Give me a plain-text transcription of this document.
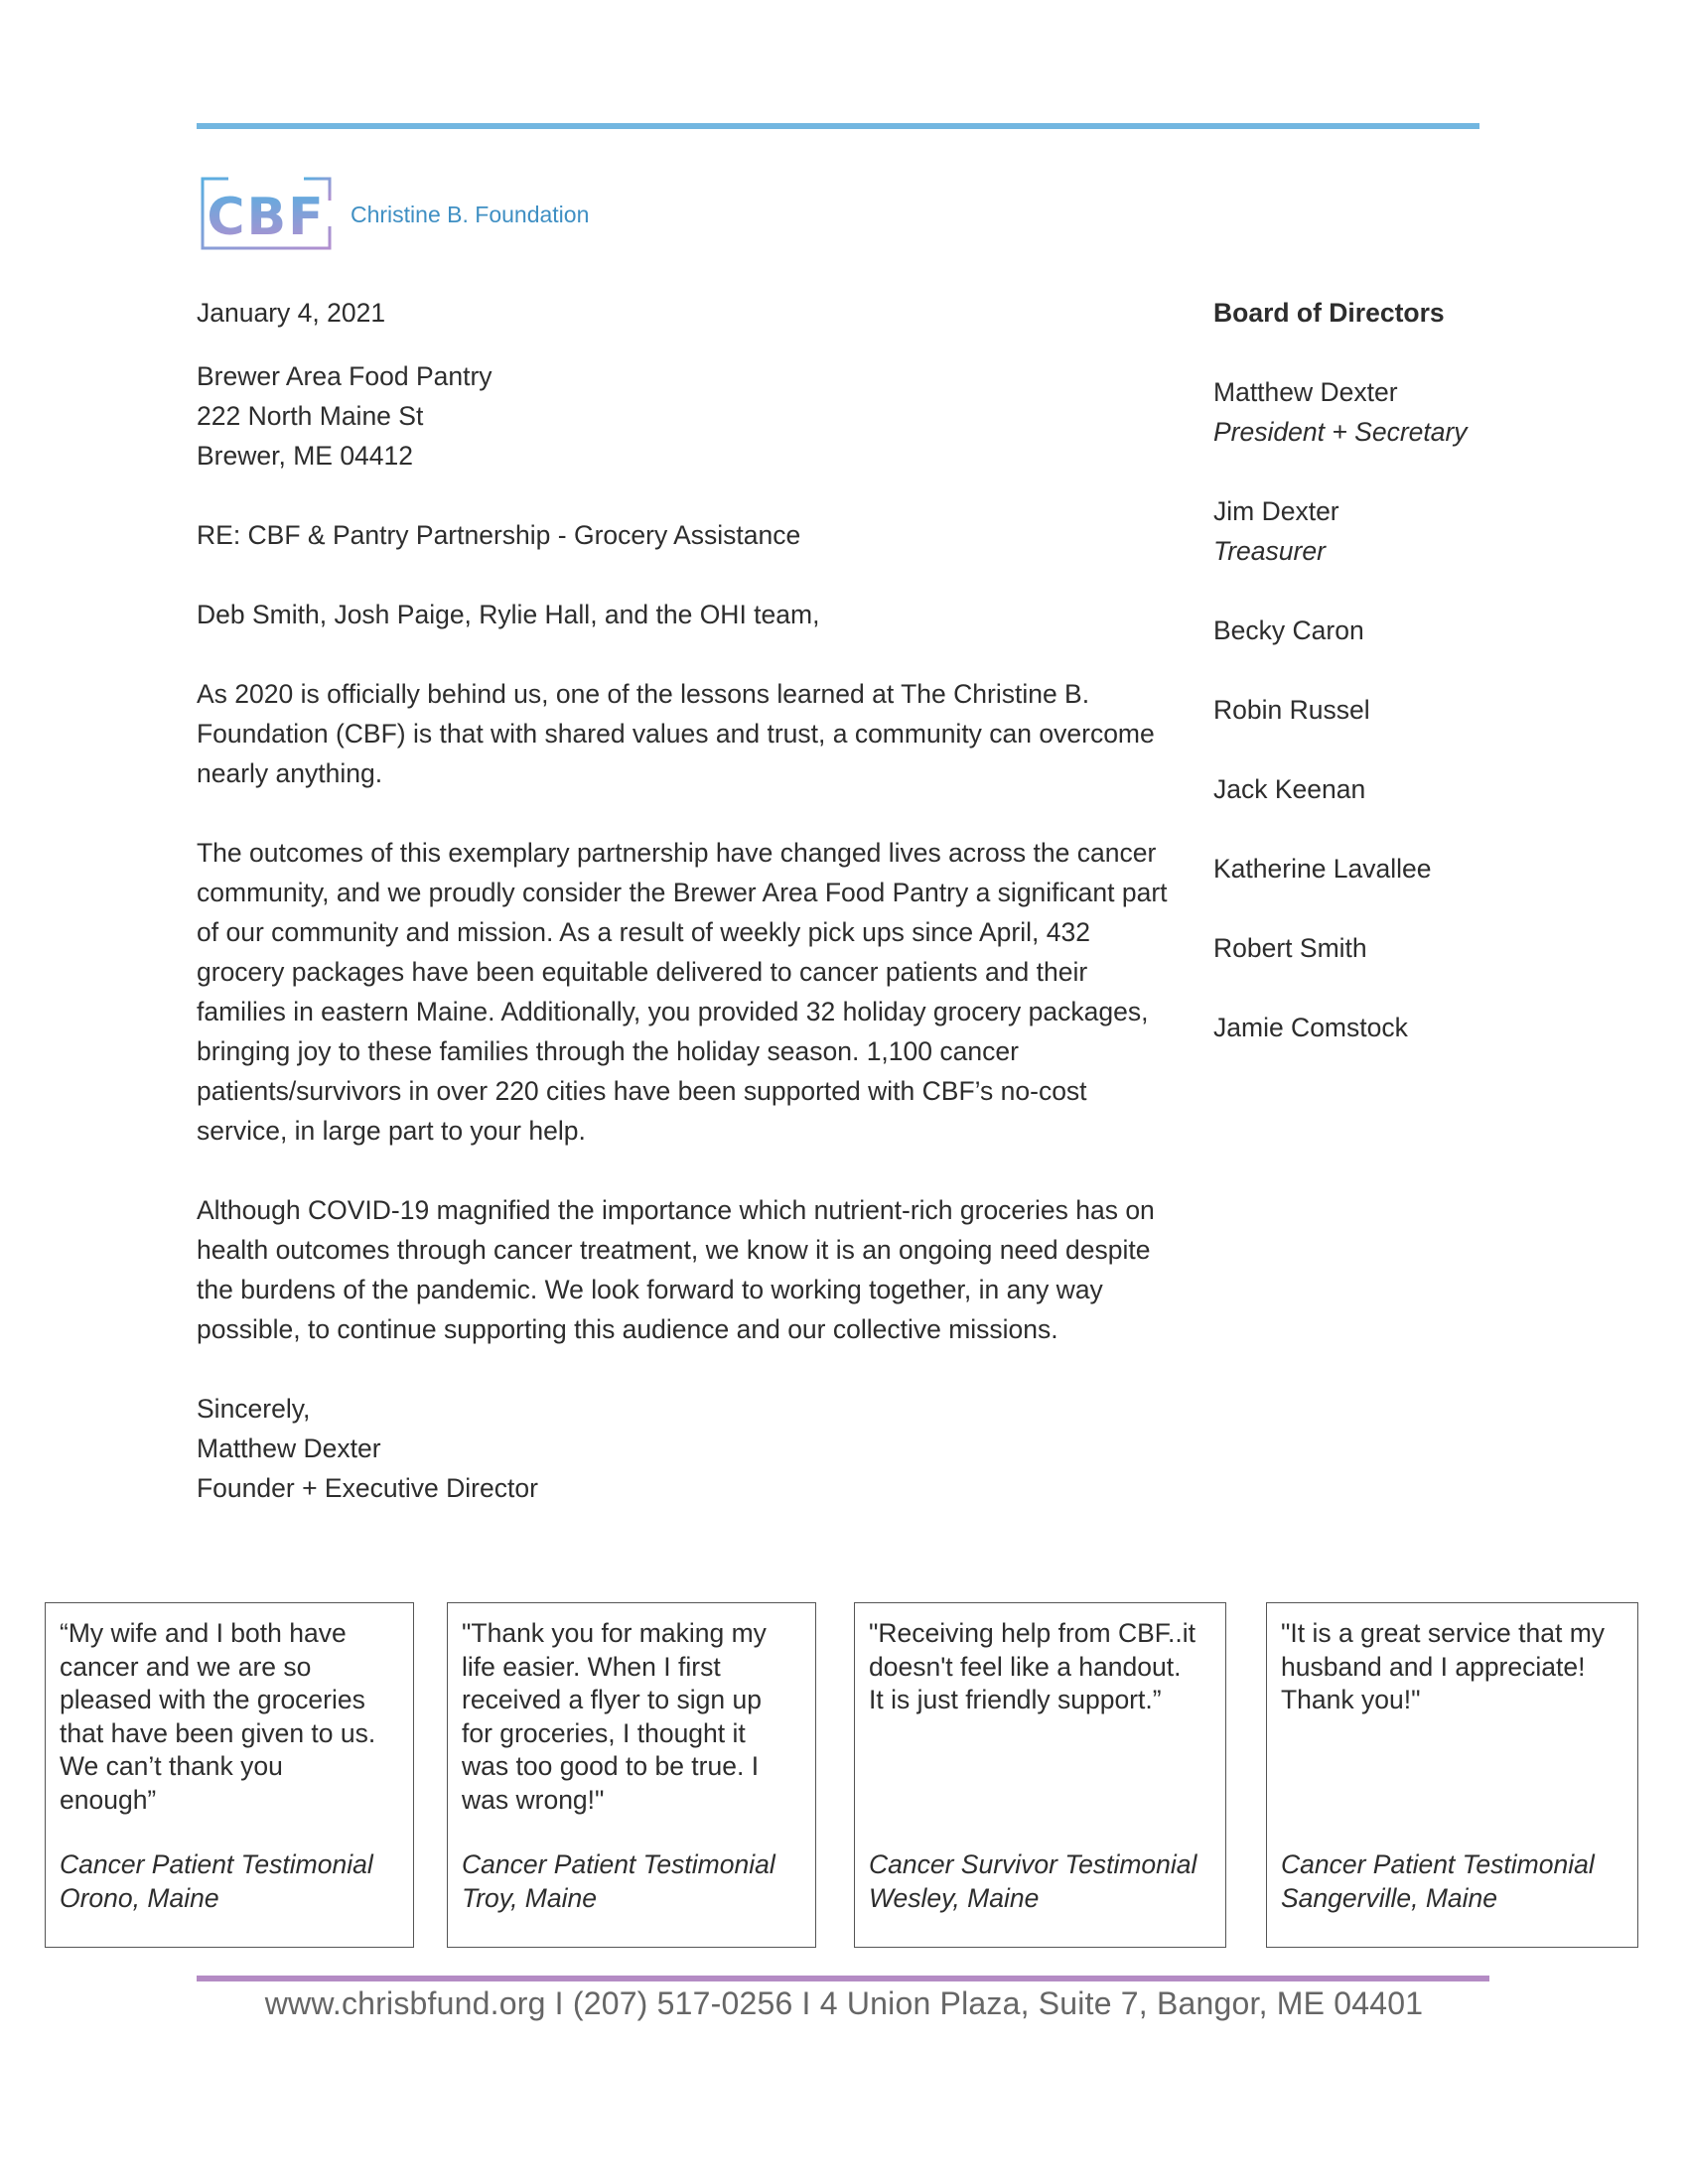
CBF Christine B. Foundation

January 4, 2021

Brewer Area Food Pantry

222 North Maine St

Brewer, ME 04412

RE: CBF & Pantry Partnership - Grocery Assistance

Deb Smith, Josh Paige, Rylie Hall, and the OHI team,

As 2020 is officially behind us, one of the lessons learned at The Christine B. Foundation (CBF) is that with shared values and trust, a community can overcome nearly anything.

The outcomes of this exemplary partnership have changed lives across the cancer community, and we proudly consider the Brewer Area Food Pantry a significant part of our community and mission. As a result of weekly pick ups since April, 432 grocery packages have been equitable delivered to cancer patients and their families in eastern Maine. Additionally, you provided 32 holiday grocery packages, bringing joy to these families through the holiday season. 1,100 cancer patients/survivors in over 220 cities have been supported with CBF’s no-cost service, in large part to your help.

Although COVID-19 magnified the importance which nutrient-rich groceries has on health outcomes through cancer treatment, we know it is an ongoing need despite the burdens of the pandemic. We look forward to working together, in any way possible, to continue supporting this audience and our collective missions.

Sincerely,

Matthew Dexter

Founder + Executive Director

Board of Directors

Matthew Dexter
President + Secretary
Jim Dexter
Treasurer
Becky Caron
Robin Russel
Jack Keenan
Katherine Lavallee
Robert Smith
Jamie Comstock
“My wife and I both have
cancer and we are so
pleased with the groceries
that have been given to us.
We can’t thank you
enough”
Cancer Patient Testimonial
Orono, Maine
"Thank you for making my
life easier. When I first
received a flyer to sign up
for groceries, I thought it
was too good to be true. I
was wrong!"
Cancer Patient Testimonial
Troy, Maine
"Receiving help from CBF..it
doesn't feel like a handout.
It is just friendly support.”
Cancer Survivor Testimonial
Wesley, Maine
"It is a great service that my
husband and I appreciate!
Thank you!"
Cancer Patient Testimonial
Sangerville, Maine
www.chrisbfund.org I (207) 517-0256 I 4 Union Plaza, Suite 7, Bangor, ME 04401
